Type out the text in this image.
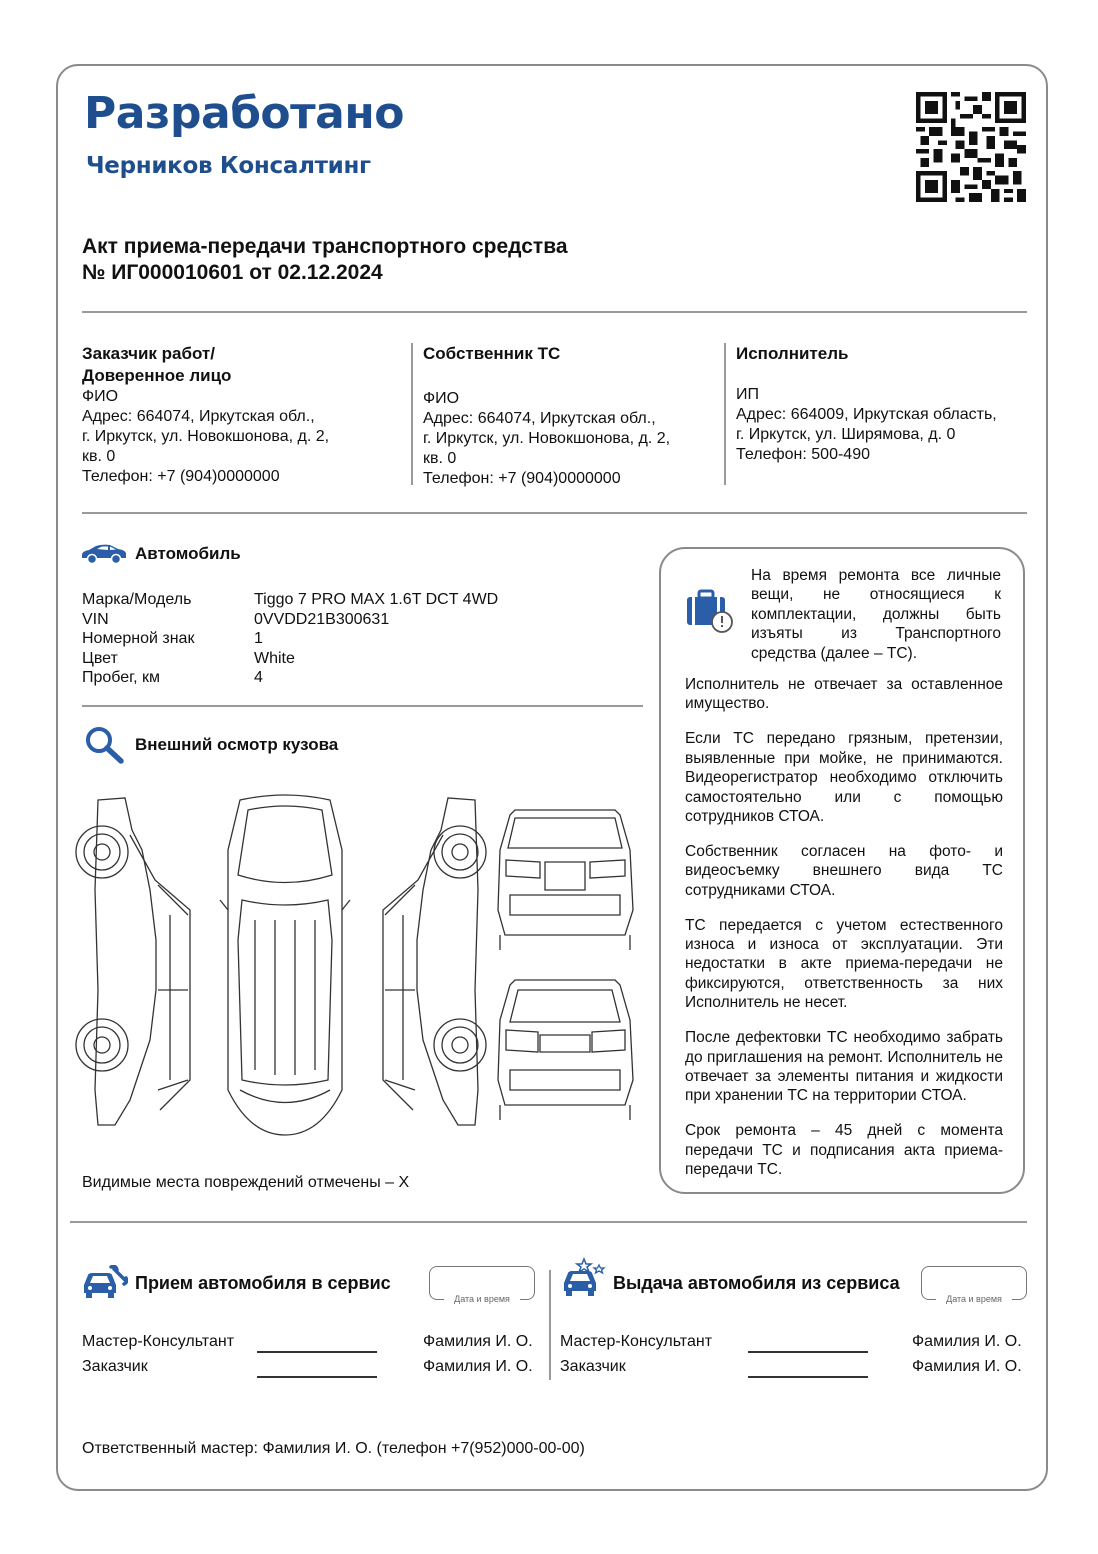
Разработано
Черников Консалтинг
Акт приема-передачи транспортного средства
№ ИГ000010601 от 02.12.2024
Заказчик работ/
Доверенное лицо
ФИО
Адрес: 664074, Иркутская обл.,
г. Иркутск, ул. Новокшонова, д. 2,
кв. 0
Телефон: +7 (904)0000000
Собственник ТС
ФИО
Адрес: 664074, Иркутская обл.,
г. Иркутск, ул. Новокшонова, д. 2,
кв. 0
Телефон: +7 (904)0000000
Исполнитель
ИП
Адрес: 664009, Иркутская область,
г. Иркутск, ул. Ширямова, д. 0
Телефон: 500-490
Автомобиль
Марка/Модель	Tiggo 7 PRO MAX 1.6T DCT 4WD
VIN	0VVDD21B300631
Номерной знак	1
Цвет	White
Пробег, км	4
Внешний осмотр кузова
Видимые места повреждений отмечены – X
На время ремонта все личные вещи, не относящиеся к комплектации, должны быть изъяты из Транспортного средства (далее – ТС).
Исполнитель не отвечает за оставленное имущество.
Если ТС передано грязным, претензии, выявленные при мойке, не принимаются. Видеорегистратор необходимо отключить самостоятельно или с помощью сотрудников СТОА.
Собственник согласен на фото- и видеосъемку внешнего вида ТС сотрудниками СТОА.
ТС передается с учетом естественного износа и износа от эксплуатации. Эти недостатки в акте приема-передачи не фиксируются, ответственность за них Исполнитель не несет.
После дефектовки ТС необходимо забрать до приглашения на ремонт. Исполнитель не отвечает за элементы питания и жидкости при хранении ТС на территории СТОА.
Срок ремонта – 45 дней с момента передачи ТС и подписания акта приема-передачи ТС.
Прием автомобиля в сервис
Дата и время
Мастер-Консультант	Фамилия И. О.
Заказчик	Фамилия И. О.
Выдача автомобиля из сервиса
Дата и время
Мастер-Консультант	Фамилия И. О.
Заказчик	Фамилия И. О.
Ответственный мастер: Фамилия И. О. (телефон +7(952)000-00-00)
